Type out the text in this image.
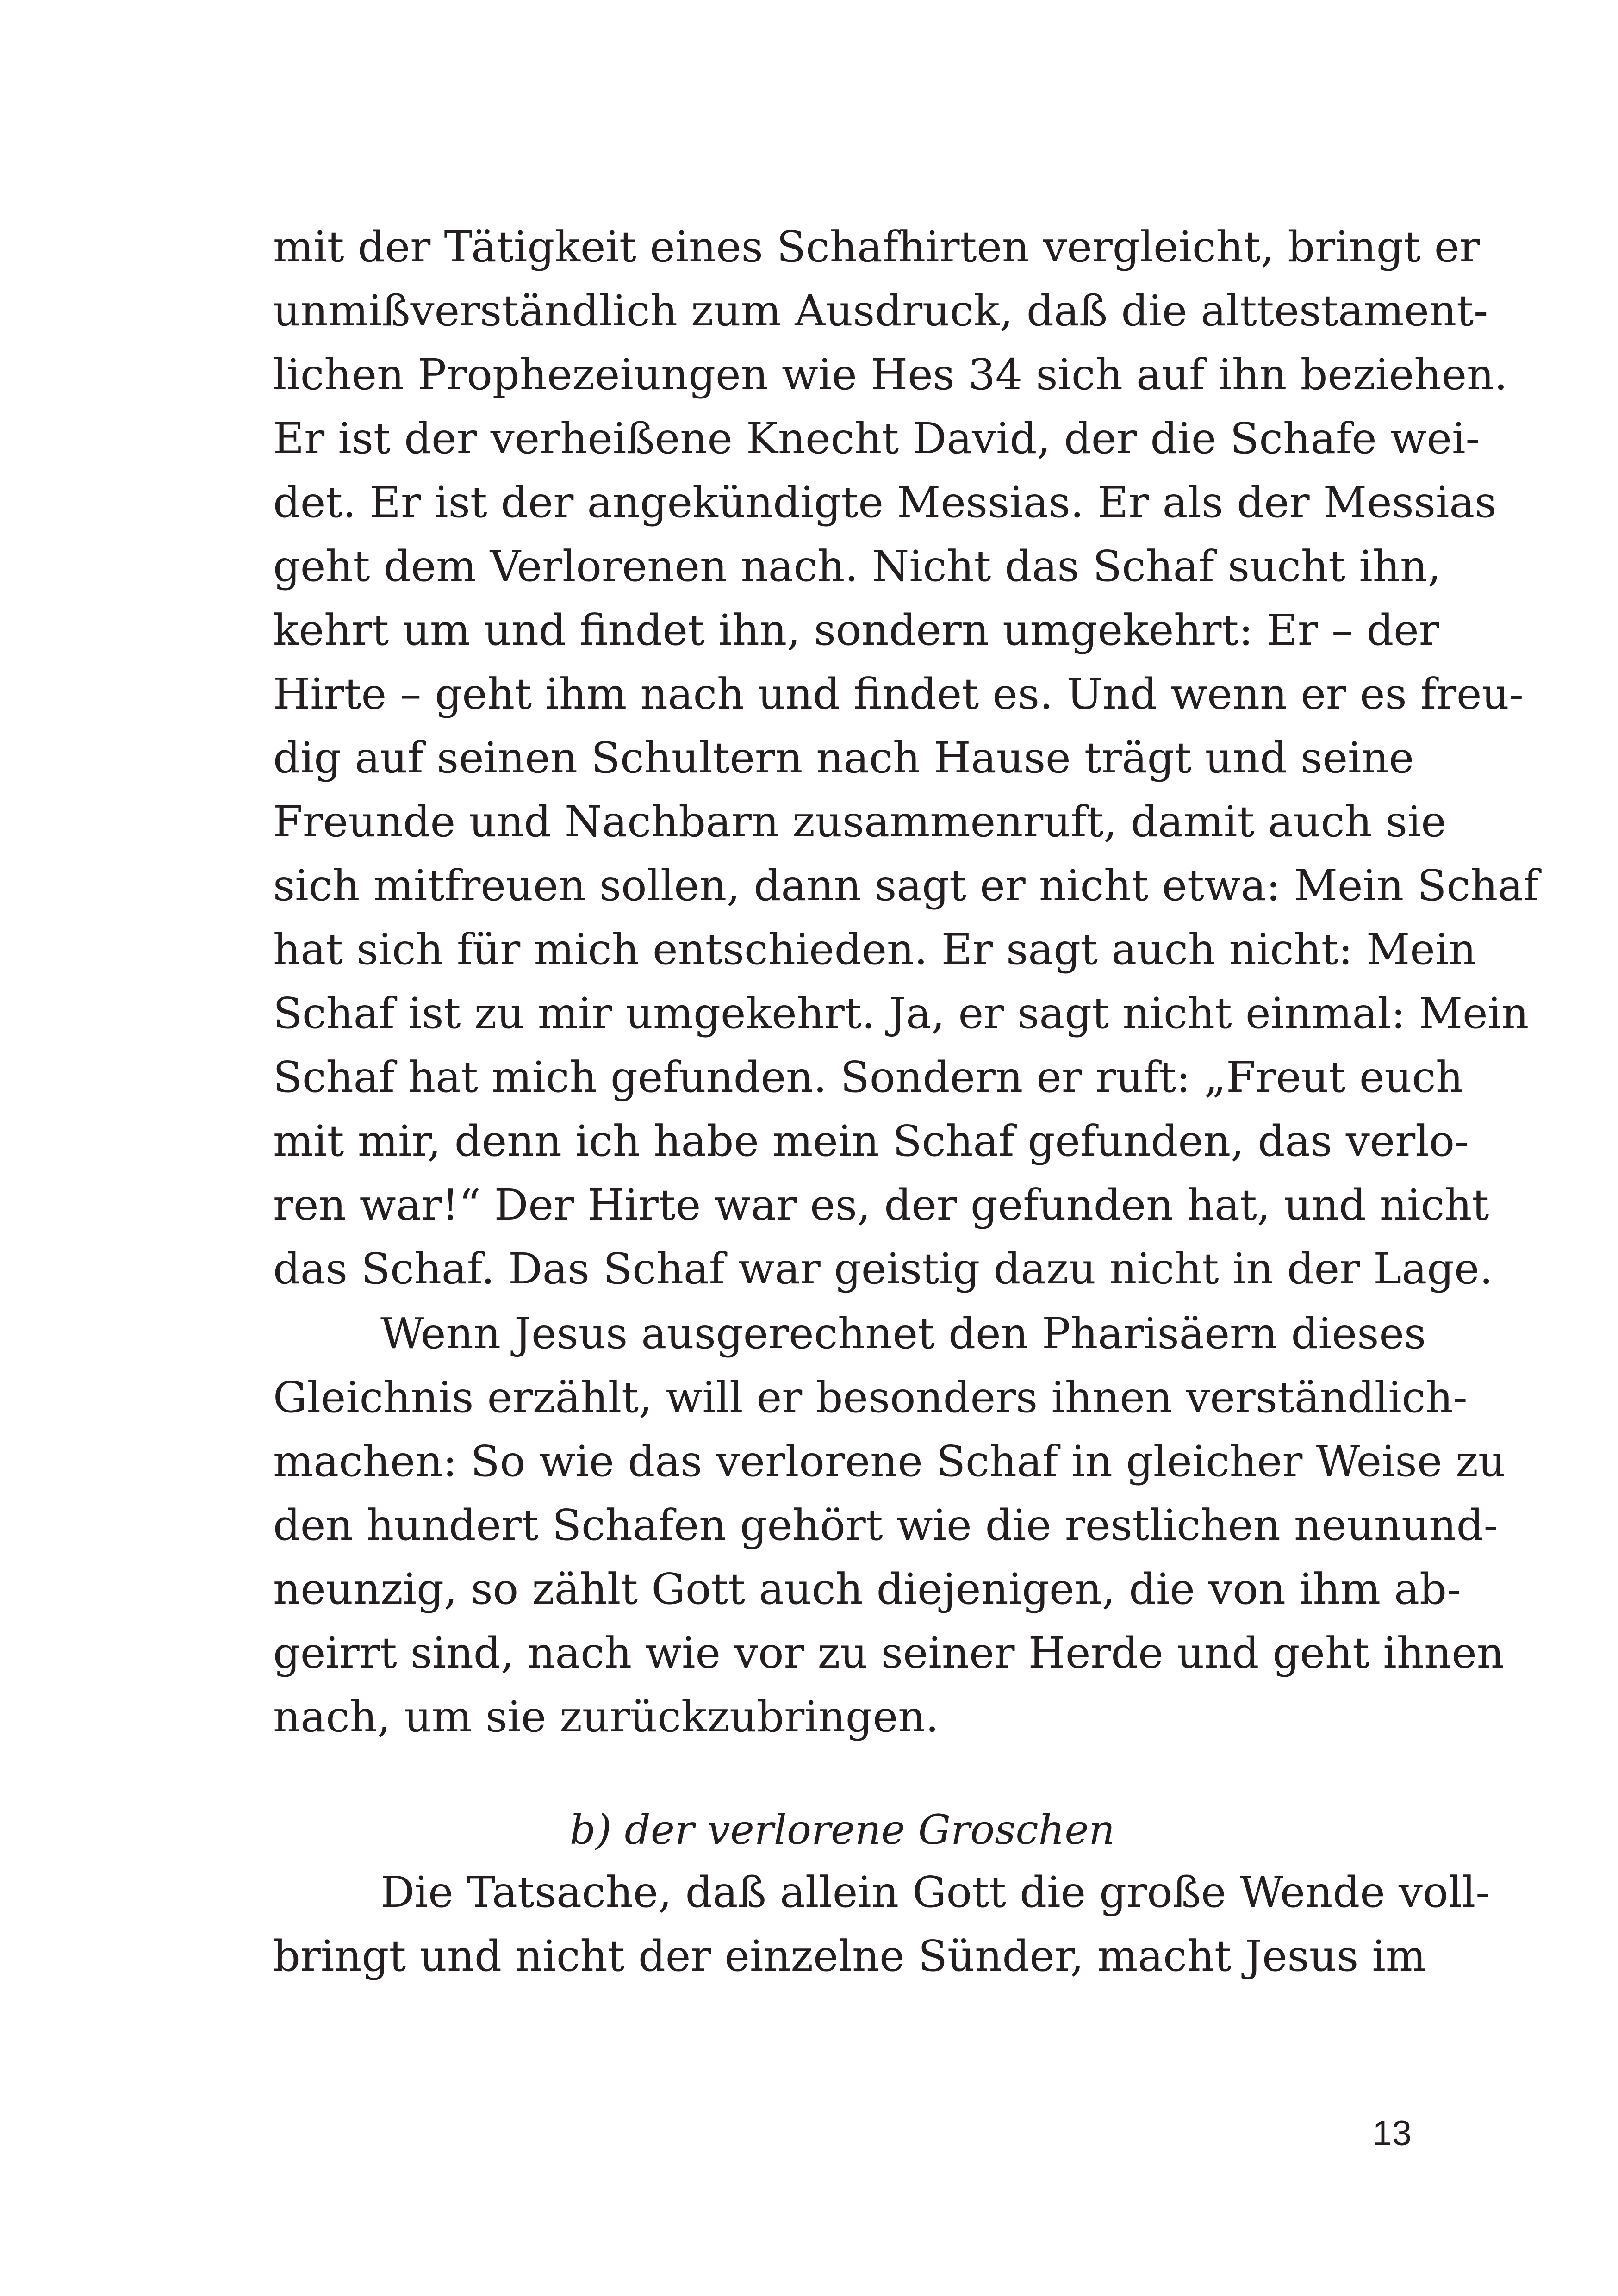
mit der Tätigkeit eines Schafhirten vergleicht, bringt er
unmißverständlich zum Ausdruck, daß die alttestament-
lichen Prophezeiungen wie Hes 34 sich auf ihn beziehen.
Er ist der verheißene Knecht David, der die Schafe wei-
det. Er ist der angekündigte Messias. Er als der Messias
geht dem Verlorenen nach. Nicht das Schaf sucht ihn,
kehrt um und findet ihn, sondern umgekehrt: Er – der
Hirte – geht ihm nach und findet es. Und wenn er es freu-
dig auf seinen Schultern nach Hause trägt und seine
Freunde und Nachbarn zusammenruft, damit auch sie
sich mitfreuen sollen, dann sagt er nicht etwa: Mein Schaf
hat sich für mich entschieden. Er sagt auch nicht: Mein
Schaf ist zu mir umgekehrt. Ja, er sagt nicht einmal: Mein
Schaf hat mich gefunden. Sondern er ruft: „Freut euch
mit mir, denn ich habe mein Schaf gefunden, das verlo-
ren war!“ Der Hirte war es, der gefunden hat, und nicht
das Schaf. Das Schaf war geistig dazu nicht in der Lage.
Wenn Jesus ausgerechnet den Pharisäern dieses
Gleichnis erzählt, will er besonders ihnen verständlich-
machen: So wie das verlorene Schaf in gleicher Weise zu
den hundert Schafen gehört wie die restlichen neunund-
neunzig, so zählt Gott auch diejenigen, die von ihm ab-
geirrt sind, nach wie vor zu seiner Herde und geht ihnen
nach, um sie zurückzubringen.
b) der verlorene Groschen
Die Tatsache, daß allein Gott die große Wende voll-
bringt und nicht der einzelne Sünder, macht Jesus im
13
